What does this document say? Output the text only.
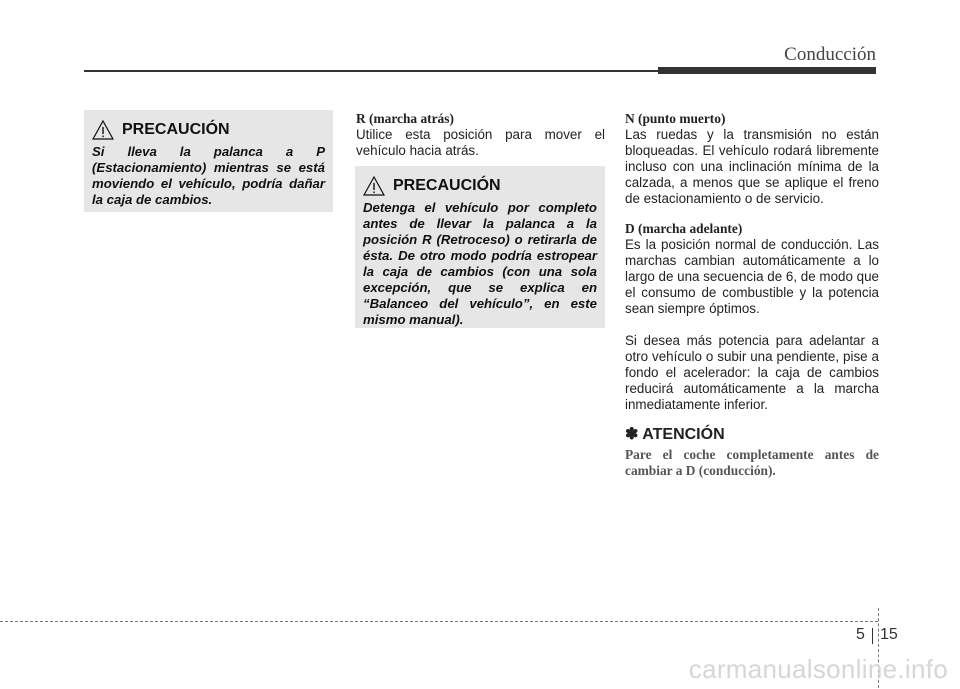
Conducción
PRECAUCIÓN
Si lleva la palanca a P (Estacionamiento) mientras se está moviendo el vehículo, podría dañar la caja de cambios.
R (marcha atrás)

Utilice esta posición para mover el vehículo hacia atrás.

PRECAUCIÓN
Detenga el vehículo por completo antes de llevar la palanca a la posición R (Retroceso) o retirarla de ésta. De otro modo podría estropear la caja de cambios (con una sola excepción, que se explica en “Balanceo del vehículo”, en este mismo manual).
N (punto muerto)

Las ruedas y la transmisión no están bloqueadas. El vehículo rodará libremente incluso con una inclinación mínima de la calzada, a menos que se aplique el freno de estacionamiento o de servicio.

D (marcha adelante)

Es la posición normal de conducción. Las marchas cambian automáticamente a lo largo de una secuencia de 6, de modo que el consumo de combustible y la potencia sean siempre óptimos.

Si desea más potencia para adelantar a otro vehículo o subir una pendiente, pise a fondo el acelerador: la caja de cambios reducirá automáticamente a la marcha inmediatamente inferior.

✽ ATENCIÓN
Pare el coche completamente antes de cambiar a D (conducción).
5 15
carmanualsonline.info
